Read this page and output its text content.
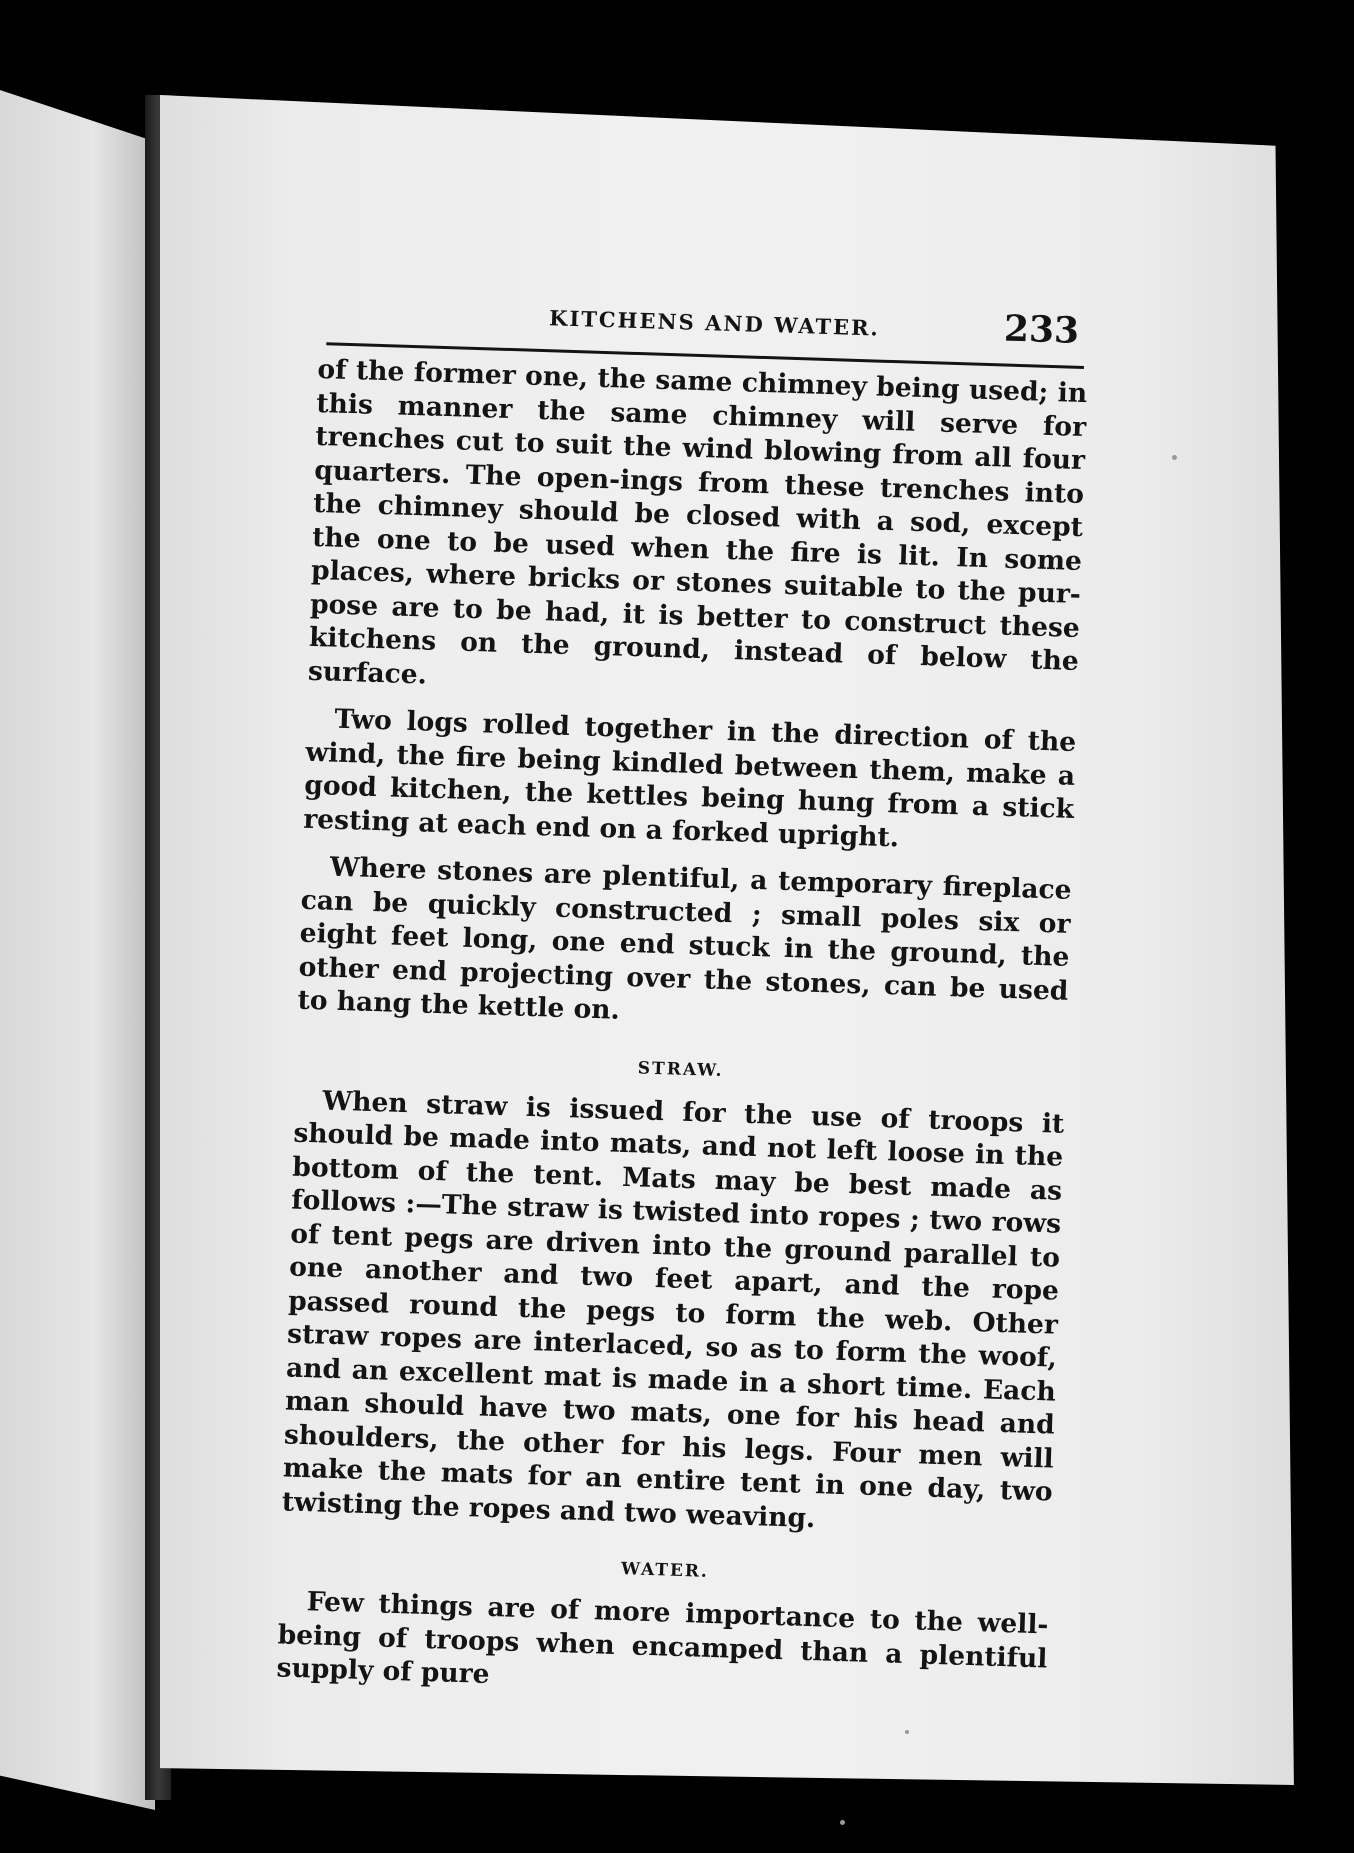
KITCHENS AND WATER.	233

of the former one, the same chimney being used; in this manner the same chimney will serve for trenches cut to suit the wind blowing from all four quarters. The open-ings from these trenches into the chimney should be closed with a sod, except the one to be used when the fire is lit. In some places, where bricks or stones suitable to the pur-pose are to be had, it is better to construct these kitchens on the ground, instead of below the surface.

Two logs rolled together in the direction of the wind, the fire being kindled between them, make a good kitchen, the kettles being hung from a stick resting at each end on a forked upright.

Where stones are plentiful, a temporary fireplace can be quickly constructed ; small poles six or eight feet long, one end stuck in the ground, the other end projecting over the stones, can be used to hang the kettle on.

STRAW.

When straw is issued for the use of troops it should be made into mats, and not left loose in the bottom of the tent. Mats may be best made as follows :—The straw is twisted into ropes ; two rows of tent pegs are driven into the ground parallel to one another and two feet apart, and the rope passed round the pegs to form the web. Other straw ropes are interlaced, so as to form the woof, and an excellent mat is made in a short time. Each man should have two mats, one for his head and shoulders, the other for his legs. Four men will make the mats for an entire tent in one day, two twisting the ropes and two weaving.

WATER.

Few things are of more importance to the well-being of troops when encamped than a plentiful supply of pure
